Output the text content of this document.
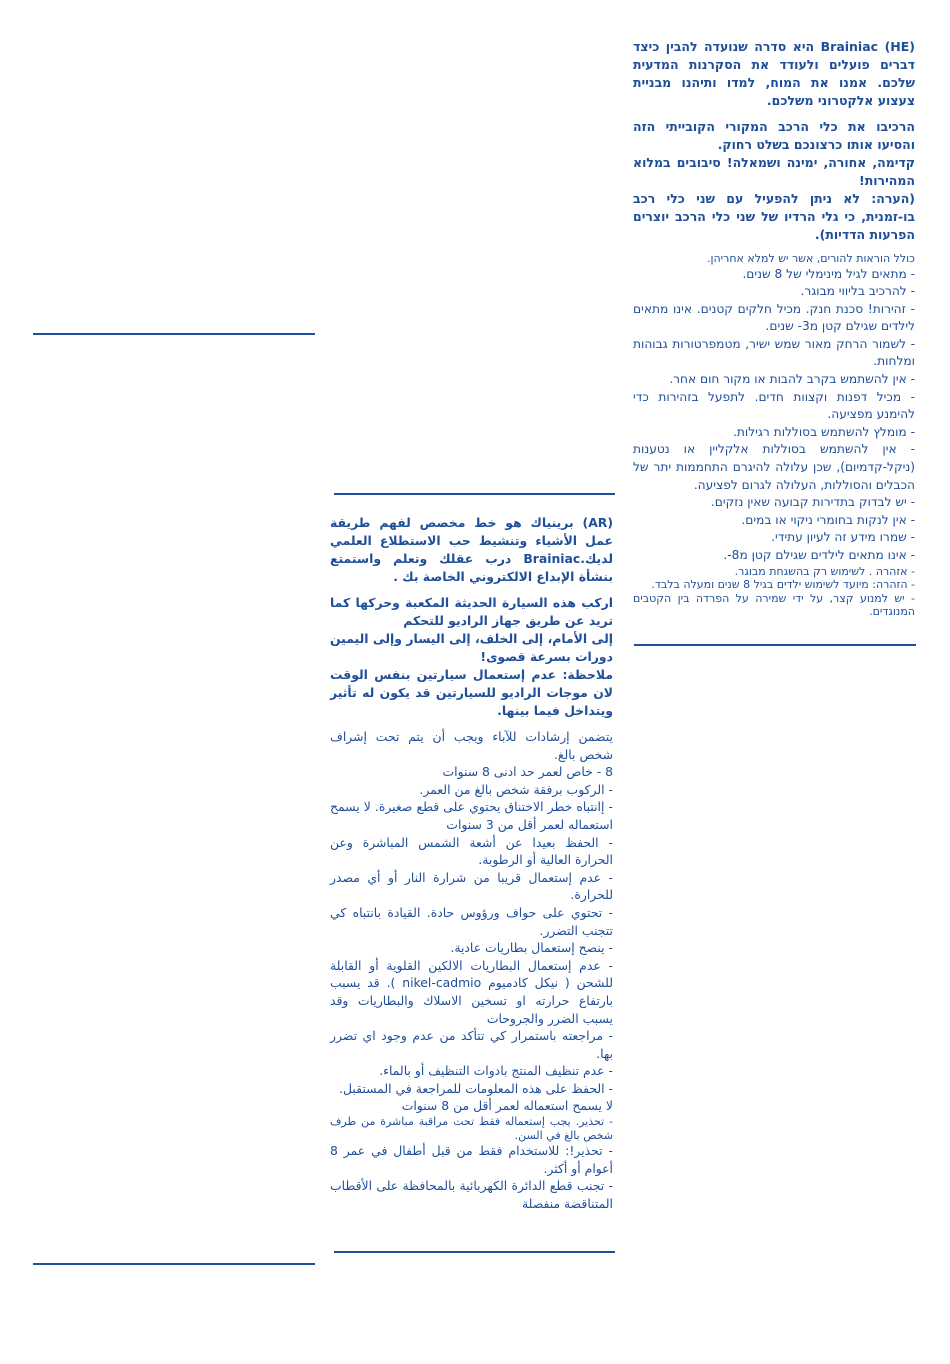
Brainiac (HE) היא סדרה שנועדה להבין כיצד דברים פועלים ולעודד את הסקרנות המדעית שלכם. אמנו את המוח, למדו ותיהנו מבניית צעצוע אלקטרוני משלכם.

הרכיבו את כלי הרכב המקורי הקובייתי הזה והסיעו אותו כרצונכם בשלט רחוק.

קדימה, אחורה, ימינה ושמאלה! סיבובים במלוא המהירות!

(הערה: לא ניתן להפעיל עם שני כלי רכב בו-זמנית, כי גלי הרדיו של שני כלי הרכב יוצרים הפרעות הדדיות).

כולל הוראות להורים, אשר יש למלא אחריהן.

- מתאים לגיל מינימלי של 8 שנים.

- להרכיב בליווי מבוגר.

- זהירות! סכנת חנק. מכיל חלקים קטנים. אינו מתאים לילדים שגילם קטן מ3- שנים.

- לשמור הרחק מאור שמש ישיר, מטמפרטורות גבוהות ומלחות.

- אין להשתמש בקרב להבות או מקור חום אחר.

- מכיל דפנות וקצוות חדים. לתפעל בזהירות כדי להימנע מפציעה.

- מומלץ להשתמש בסוללות רגילות.

- אין להשתמש בסוללות אלקליין או נטענות (ניקל-קדמיום), שכן עלולה להיגרם התחממות יתר של הכבלים והסוללות, העלולה לגרום לפציעה.

- יש לבדוק בתדירות קבועה שאין נזקים.

- אין לנקות בחומרי ניקוי או במים.

- שמרו מידע זה לעיון עתידי.

- אינו מתאים לילדים שגילם קטן מ8-.

- אזהרה . לשימוש רק בהשגחת מבוגר.

- הזהרה: מיועד לשימוש ילדים בגיל 8 שנים ומעלה בלבד.

- יש למנוע קצר, על ידי שמירה על הפרדה בין הקטבים המנוגדים.

(AR) برينياك هو خط مخصص لفهم طريقة عمل الأشياء وتنشيط حب الاستطلاع العلمي لديك.Brainiac درب عقلك وتعلم واستمتع بنشأة الإبداع الالكتروني الخاصة بك .

اركب هذه السيارة الحديثة المكعبة وحركها كما تريد عن طريق جهاز الراديو للتحكم

إلى الأمام، إلى الخلف، إلى اليسار وإلى اليمين دورات بسرعة قصوى!

ملاحظة: عدم إستعمال سيارتين بنفس الوقت لان موجات الراديو للسيارتين قد يكون له تأثير ويتداخل فيما بينها.

يتضمن إرشادات للآباء ويجب أن يتم تحت إشراف شخص بالغ.

8 - خاص لعمر حد ادنى 8 سنوات

- الركوب برفقة شخص بالغ من العمر.

- إانتباه خطر الاختناق يحتوي على قطع صغيرة. لا يسمح استعماله لعمر أقل من 3 سنوات

- الحفظ بعيدا عن أشعة الشمس المباشرة وعن الحرارة العالية أو الرطوبة.

- عدم إستعمال قريبا من شرارة النار أو أي مصدر للحرارة.

- تحتوي على حواف ورؤوس حادة. القيادة بانتباه كي تتجنب التضرر.

- ينصح إستعمال بطاريات عادية.

- عدم إستعمال البطاريات الالكين القلوية أو القابلة للشحن ( نيكل كادميوم nikel-cadmio ). قد يسبب بارتفاع حرارته او تسخين الاسلاك والبطاريات وقد يسبب الضرر والجروحات

- مراجعته باستمرار كي تتأكد من عدم وجود اي تضرر بها.

- عدم تنظيف المنتج بادوات التنظيف أو بالماء.

- الحفظ على هذه المعلومات للمراجعة في المستقبل.

لا يسمح استعماله لعمر أقل من 8 سنوات

- تحذير. يجب إستعماله فقط تحت مراقبة مباشرة من طرف شخص بالغ في السن.

- تحذير!: للاستخدام فقط من قبل أطفال في عمر 8 أعوام أو أكثر.

- تجنب قطع الدائرة الكهربائية بالمحافظة على الأقطاب المتناقضة منفصلة
